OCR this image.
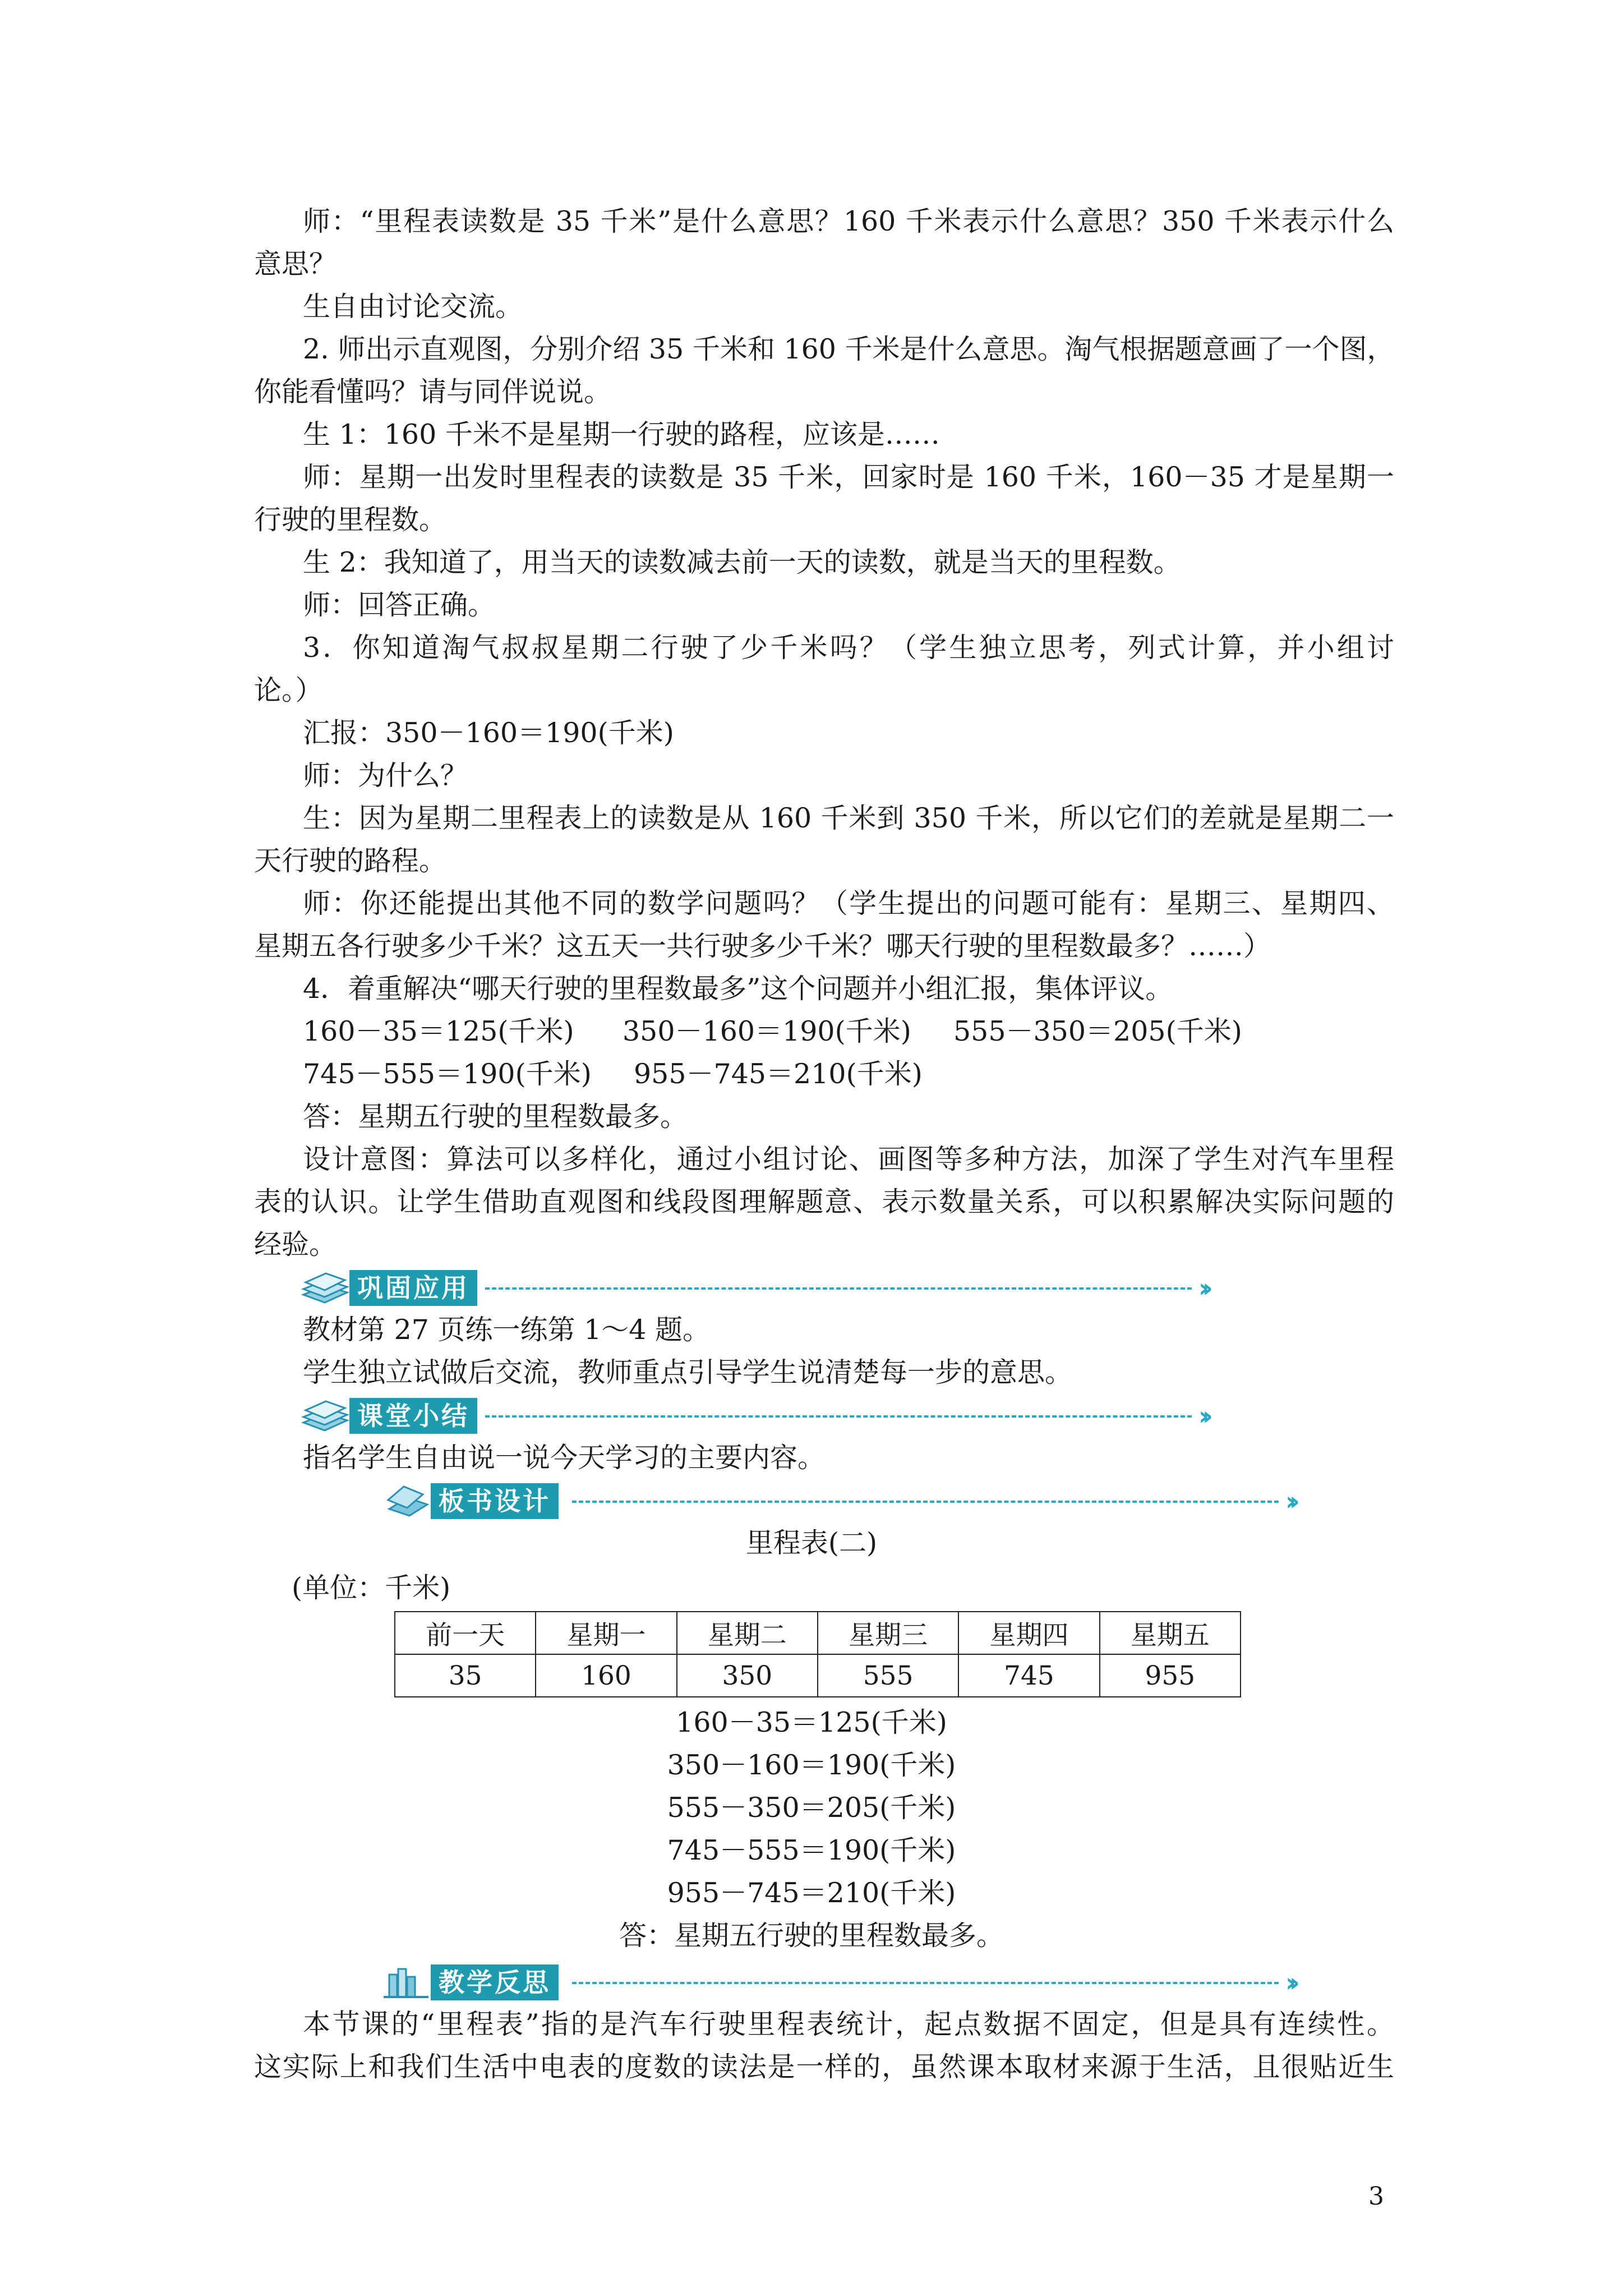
师：“里程表读数是 35 千米”是什么意思？160 千米表示什么意思？350 千米表示什么
意思？
生自由讨论交流。
2. 师出示直观图，分别介绍 35 千米和 160 千米是什么意思。淘气根据题意画了一个图，
你能看懂吗？请与同伴说说。
生 1：160 千米不是星期一行驶的路程，应该是……
师：星期一出发时里程表的读数是 35 千米，回家时是 160 千米，160－35 才是星期一
行驶的里程数。
生 2：我知道了，用当天的读数减去前一天的读数，就是当天的里程数。
师：回答正确。
3．你知道淘气叔叔星期二行驶了少千米吗？（学生独立思考，列式计算，并小组讨
论。）
汇报：350－160＝190(千米)
师：为什么？
生：因为星期二里程表上的读数是从 160 千米到 350 千米，所以它们的差就是星期二一
天行驶的路程。
师：你还能提出其他不同的数学问题吗？（学生提出的问题可能有：星期三、星期四、
星期五各行驶多少千米？这五天一共行驶多少千米？哪天行驶的里程数最多？……）
4．着重解决“哪天行驶的里程数最多”这个问题并小组汇报，集体评议。
160－35＝125(千米) 350－160＝190(千米) 555－350＝205(千米)
745－555＝190(千米) 955－745＝210(千米)
答：星期五行驶的里程数最多。
设计意图：算法可以多样化，通过小组讨论、画图等多种方法，加深了学生对汽车里程
表的认识。让学生借助直观图和线段图理解题意、表示数量关系，可以积累解决实际问题的
经验。
巩固应用	››
教材第 27 页练一练第 1～4 题。
学生独立试做后交流，教师重点引导学生说清楚每一步的意思。
课堂小结	››
指名学生自由说一说今天学习的主要内容。
板书设计	››
里程表(二)
(单位：千米)
前一天	星期一	星期二	星期三	星期四	星期五
35	160	350	555	745	955
160－35＝125(千米)
350－160＝190(千米)
555－350＝205(千米)
745－555＝190(千米)
955－745＝210(千米)
答：星期五行驶的里程数最多。
教学反思	››
本节课的“里程表”指的是汽车行驶里程表统计，起点数据不固定，但是具有连续性。
这实际上和我们生活中电表的度数的读法是一样的，虽然课本取材来源于生活，且很贴近生
3
